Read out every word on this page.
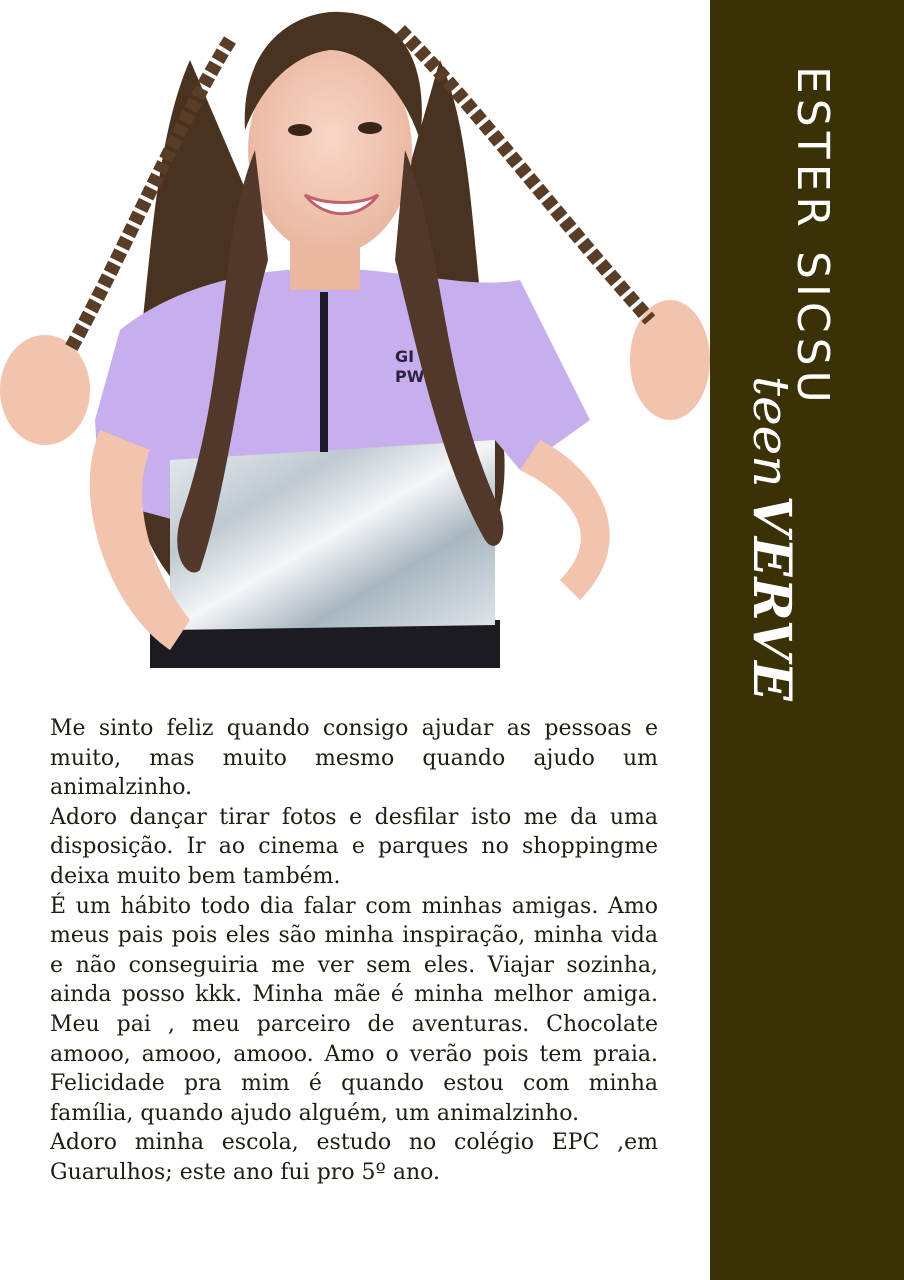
GI
PW	ESTER SICSU
teenVERVE

Me sinto feliz quando consigo ajudar as pessoas e muito, mas muito mesmo quando ajudo um animalzinho.

Adoro dançar tirar fotos e desfilar isto me da uma disposição. Ir ao cinema e parques no shoppingme deixa muito bem também.

É um hábito todo dia falar com minhas amigas. Amo meus pais pois eles são minha inspiração, minha vida e não conseguiria me ver sem eles. Viajar sozinha, ainda posso kkk. Minha mãe é minha melhor amiga. Meu pai , meu parceiro de aventuras. Chocolate amooo, amooo, amooo. Amo o verão pois tem praia. Felicidade pra mim é quando estou com minha família, quando ajudo alguém, um animalzinho.

Adoro minha escola, estudo no colégio EPC ,em Guarulhos; este ano fui pro 5º ano.
